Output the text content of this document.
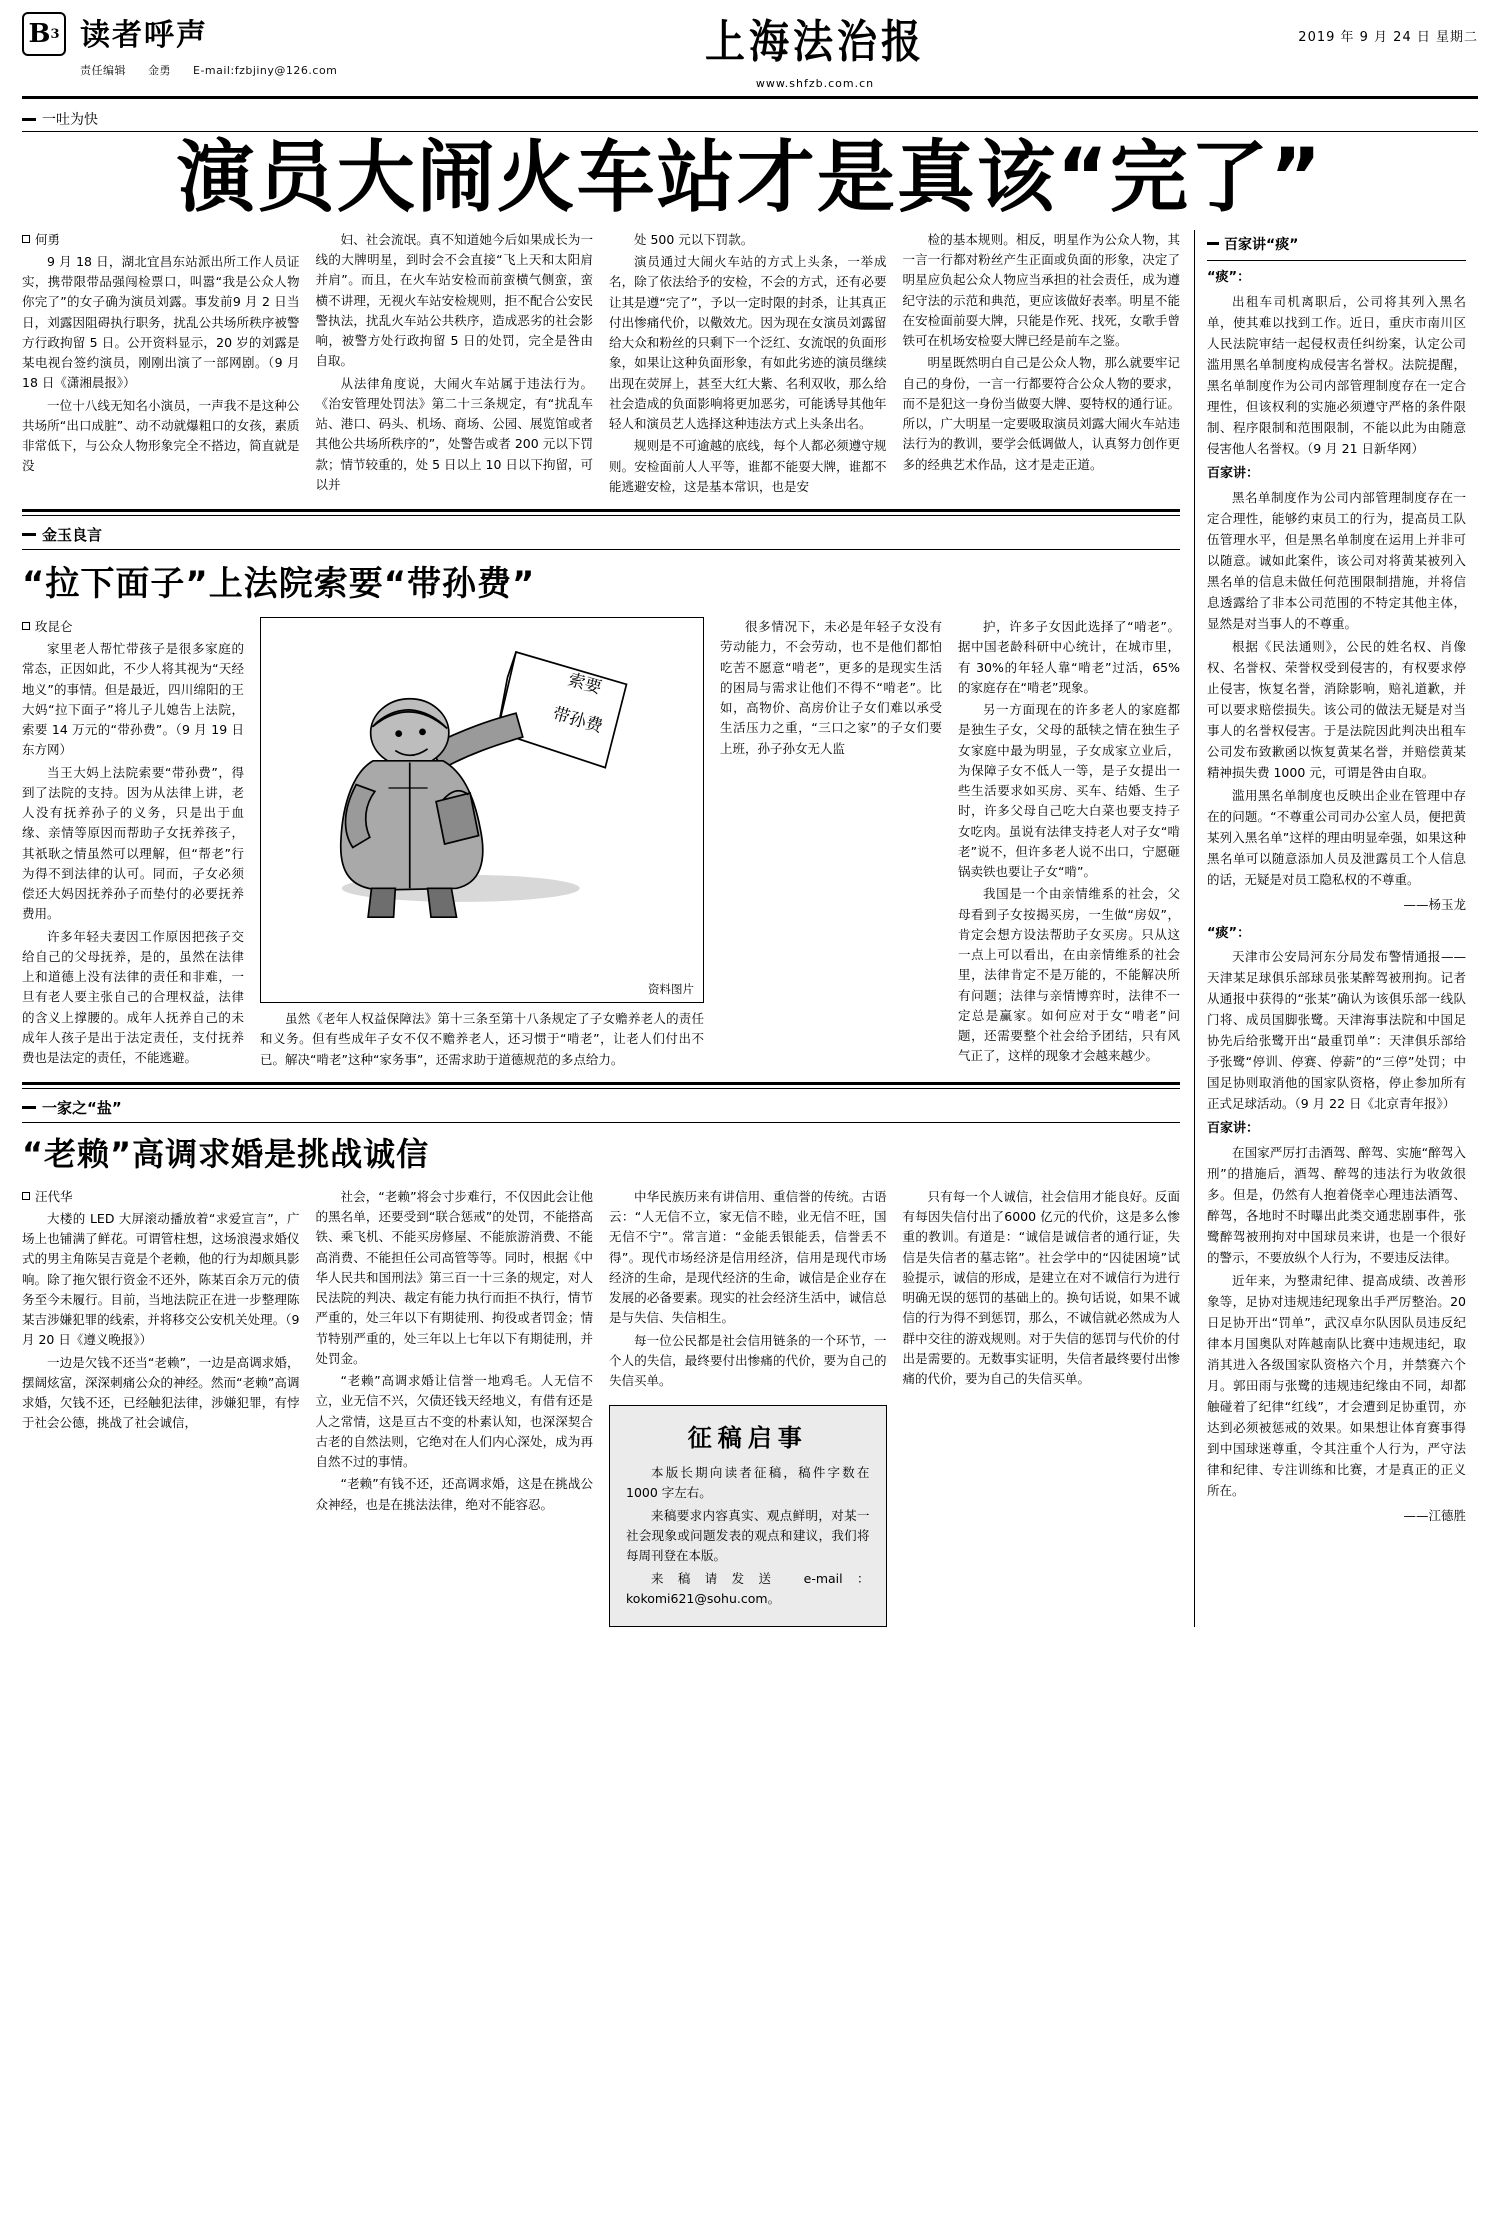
B 3 读者呼声
责任编辑 金勇 E-mail:fzbjiny@126.com
上海法治报
www.shfzb.com.cn
2019 年 9 月 24 日 星期二
一吐为快
演员大闹火车站才是真该“完了”
何勇

9 月 18 日，湖北宜昌东站派出所工作人员证实，携带限带品强闯检票口，叫嚣“我是公众人物你完了”的女子确为演员刘露。事发前9 月 2 日当日，刘露因阻碍执行职务，扰乱公共场所秩序被警方行政拘留 5 日。公开资料显示，20 岁的刘露是某电视台签约演员，刚刚出演了一部网剧。（9 月 18 日《潇湘晨报》）

一位十八线无知名小演员，一声我不是这种公共场所“出口成脏”、动不动就爆粗口的女孩，素质非常低下，与公众人物形象完全不搭边，简直就是没

妇、社会流氓。真不知道她今后如果成长为一线的大牌明星，到时会不会直接“飞上天和太阳肩并肩”。而且，在火车站安检而前蛮横气侧蛮，蛮横不讲理，无视火车站安检规则，拒不配合公安民警执法，扰乱火车站公共秩序，造成恶劣的社会影响，被警方处行政拘留 5 日的处罚，完全是咎由自取。

从法律角度说，大闹火车站属于违法行为。《治安管理处罚法》第二十三条规定，有“扰乱车站、港口、码头、机场、商场、公园、展览馆或者其他公共场所秩序的”，处警告或者 200 元以下罚款；情节较重的，处 5 日以上 10 日以下拘留，可以并

处 500 元以下罚款。

演员通过大闹火车站的方式上头条，一举成名，除了依法给予的安检，不会的方式，还有必要让其是遵“完了”，予以一定时限的封杀，让其真正付出惨痛代价，以儆效尤。因为现在女演员刘露留给大众和粉丝的只剩下一个泛红、女流氓的负面形象，如果让这种负面形象，有如此劣迹的演员继续出现在荧屏上，甚至大红大紫、名利双收，那么给社会造成的负面影响将更加恶劣，可能诱导其他年轻人和演员艺人选择这种违法方式上头条出名。

规则是不可逾越的底线，每个人都必须遵守规则。安检面前人人平等，谁都不能耍大牌，谁都不能逃避安检，这是基本常识，也是安

检的基本规则。相反，明星作为公众人物，其一言一行都对粉丝产生正面或负面的形象，决定了明星应负起公众人物应当承担的社会责任，成为遵纪守法的示范和典范，更应该做好表率。明星不能在安检面前耍大牌，只能是作死、找死，女歌手曾铁可在机场安检耍大牌已经是前车之鉴。

明星既然明白自己是公众人物，那么就要牢记自己的身份，一言一行都要符合公众人物的要求，而不是犯这一身份当做耍大牌、耍特权的通行证。所以，广大明星一定要吸取演员刘露大闹火车站违法行为的教训，要学会低调做人，认真努力创作更多的经典艺术作品，这才是走正道。

金玉良言
“拉下面子”上法院索要“带孙费”
玫昆仑

家里老人帮忙带孩子是很多家庭的常态，正因如此，不少人将其视为“天经地义”的事情。但是最近，四川绵阳的王大妈“拉下面子”将儿子儿媳告上法院，索要 14 万元的“带孙费”。（9 月 19 日东方网）

当王大妈上法院索要“带孙费”，得到了法院的支持。因为从法律上讲，老人没有抚养孙子的义务，只是出于血缘、亲情等原因而帮助子女抚养孩子，其祇耿之情虽然可以理解，但“帮老”行为得不到法律的认可。同而，子女必须偿还大妈因抚养孙子而垫付的必要抚养费用。

许多年轻夫妻因工作原因把孩子交给自己的父母抚养，是的，虽然在法律上和道德上没有法律的责任和非难，一旦有老人要主张自己的合理权益，法律的含义上撑腰的。成年人抚养自己的未成年人孩子是出于法定责任，支付抚养费也是法定的责任，不能逃避。

索要
带孙费
资料图片

虽然《老年人权益保障法》第十三条至第十八条规定了子女赡养老人的责任和义务。但有些成年子女不仅不赡养老人，还习惯于“啃老”，让老人们付出不已。解决“啃老”这种“家务事”，还需求助于道德规范的多点给力。

很多情况下，未必是年轻子女没有劳动能力，不会劳动，也不是他们都怕吃苦不愿意“啃老”，更多的是现实生活的困局与需求让他们不得不“啃老”。比如，高物价、高房价让子女们难以承受生活压力之重，“三口之家”的子女们要上班，孙子孙女无人监

护，许多子女因此选择了“啃老”。据中国老龄科研中心统计，在城市里，有 30%的年轻人靠“啃老”过活，65%的家庭存在“啃老”现象。

另一方面现在的许多老人的家庭都是独生子女，父母的舐犊之情在独生子女家庭中最为明显，子女成家立业后，为保障子女不低人一等，是子女提出一些生活要求如买房、买车、结婚、生子时，许多父母自己吃大白菜也要支持子女吃肉。虽说有法律支持老人对子女“啃老”说不，但许多老人说不出口，宁愿砸锅卖铁也要让子女“啃”。

我国是一个由亲情维系的社会，父母看到子女按揭买房，一生做“房奴”，肯定会想方设法帮助子女买房。只从这一点上可以看出，在由亲情维系的社会里，法律肯定不是万能的，不能解决所有问题；法律与亲情博弈时，法律不一定总是赢家。如何应对于女“啃老”问题，还需要整个社会给予团结，只有风气正了，这样的现象才会越来越少。

一家之“盐”
“老赖”高调求婚是挑战诚信
汪代华

大楼的 LED 大屏滚动播放着“求爱宣言”，广场上也铺满了鲜花。可谓管柱想，这场浪漫求婚仪式的男主角陈吴吉竟是个老赖，他的行为却颇具影响。除了拖欠银行资金不还外，陈某百余万元的债务至今未履行。目前，当地法院正在进一步整理陈某吉涉嫌犯罪的线索，并将移交公安机关处理。（9 月 20 日《遵义晚报》）

一边是欠钱不还当“老赖”，一边是高调求婚，摆阔炫富，深深刺痛公众的神经。然而“老赖”高调求婚，欠钱不还，已经触犯法律，涉嫌犯罪，有悖于社会公德，挑战了社会诚信，

社会，“老赖”将会寸步难行，不仅因此会让他的黑名单，还要受到“联合惩戒”的处罚，不能搭高铁、乘飞机、不能买房修屋、不能旅游消费、不能高消费、不能担任公司高管等等。同时，根据《中华人民共和国刑法》第三百一十三条的规定，对人民法院的判决、裁定有能力执行而拒不执行，情节严重的，处三年以下有期徒刑、拘役或者罚金；情节特别严重的，处三年以上七年以下有期徒刑，并处罚金。

“老赖”高调求婚让信誉一地鸡毛。人无信不立，业无信不兴，欠债还钱天经地义，有借有还是人之常情，这是亘古不变的朴素认知，也深深契合古老的自然法则，它绝对在人们内心深处，成为再自然不过的事情。

“老赖”有钱不还，还高调求婚，这是在挑战公众神经，也是在挑法法律，绝对不能容忍。

中华民族历来有讲信用、重信誉的传统。古语云：“人无信不立，家无信不睦，业无信不旺，国无信不宁”。常言道：“金能丢银能丢，信誉丢不得”。现代市场经济是信用经济，信用是现代市场经济的生命，是现代经济的生命，诚信是企业存在发展的必备要素。现实的社会经济生活中，诚信总是与失信、失信相生。

每一位公民都是社会信用链条的一个环节，一个人的失信，最终要付出惨痛的代价，要为自己的失信买单。

征稿启事

本版长期向读者征稿，稿件字数在 1000 字左右。

来稿要求内容真实、观点鲜明，对某一社会现象或问题发表的观点和建议，我们将每周刊登在本版。

来稿请发送 e-mail：kokomi621@sohu.com。

只有每一个人诚信，社会信用才能良好。反面有每因失信付出了6000 亿元的代价，这是多么惨重的教训。有道是：“诚信是诚信者的通行证，失信是失信者的墓志铭”。社会学中的“囚徒困境”试验提示，诚信的形成，是建立在对不诚信行为进行明确无误的惩罚的基础上的。换句话说，如果不诚信的行为得不到惩罚，那么，不诚信就必然成为人群中交往的游戏规则。对于失信的惩罚与代价的付出是需要的。无数事实证明，失信者最终要付出惨痛的代价，要为自己的失信买单。

百家讲“痰”
“痰”：

出租车司机离职后，公司将其列入黑名单，使其难以找到工作。近日，重庆市南川区人民法院审结一起侵权责任纠纷案，认定公司滥用黑名单制度构成侵害名誉权。法院提醒，黑名单制度作为公司内部管理制度存在一定合理性，但该权利的实施必须遵守严格的条件限制、程序限制和范围限制，不能以此为由随意侵害他人名誉权。（9 月 21 日新华网）

百家讲：

黑名单制度作为公司内部管理制度存在一定合理性，能够约束员工的行为，提高员工队伍管理水平，但是黑名单制度在运用上并非可以随意。诚如此案件，该公司对将黄某被列入黑名单的信息未做任何范围限制措施，并将信息透露给了非本公司范围的不特定其他主体，显然是对当事人的不尊重。

根据《民法通则》，公民的姓名权、肖像权、名誉权、荣誉权受到侵害的，有权要求停止侵害，恢复名誉，消除影响，赔礼道歉，并可以要求赔偿损失。该公司的做法无疑是对当事人的名誉权侵害。于是法院因此判决出租车公司发布致歉函以恢复黄某名誉，并赔偿黄某精神损失费 1000 元，可谓是咎由自取。

滥用黑名单制度也反映出企业在管理中存在的问题。“不尊重公司司办公室人员，便把黄某列入黑名单”这样的理由明显牵强，如果这种黑名单可以随意添加人员及泄露员工个人信息的话，无疑是对员工隐私权的不尊重。

——杨玉龙
“痰”：

天津市公安局河东分局发布警情通报——天津某足球俱乐部球员张某醉驾被刑拘。记者从通报中获得的“张某”确认为该俱乐部一线队门将、成员国脚张鹭。天津海事法院和中国足协先后给张鹭开出“最重罚单”：天津俱乐部给予张鹭“停训、停赛、停薪”的“三停”处罚；中国足协则取消他的国家队资格，停止参加所有正式足球活动。（9 月 22 日《北京青年报》）

百家讲：

在国家严厉打击酒驾、醉驾、实施“醉驾入刑”的措施后，酒驾、醉驾的违法行为收敛很多。但是，仍然有人抱着侥幸心理违法酒驾、醉驾，各地时不时曝出此类交通悲剧事件，张鹭醉驾被刑拘对中国球员来讲，也是一个很好的警示，不要放纵个人行为，不要违反法律。

近年来，为整肃纪律、提高成绩、改善形象等，足协对违规违纪现象出手严厉整治。20 日足协开出“罚单”，武汉卓尔队因队员违反纪律本月国奥队对阵越南队比赛中违规违纪，取消其进入各级国家队资格六个月，并禁赛六个月。郭田雨与张鹭的违规违纪缘由不同，却都触碰着了纪律“红线”，才会遭到足协重罚，亦达到必须被惩戒的效果。如果想让体育赛事得到中国球迷尊重，令其注重个人行为，严守法律和纪律、专注训练和比赛，才是真正的正义所在。

——江德胜
